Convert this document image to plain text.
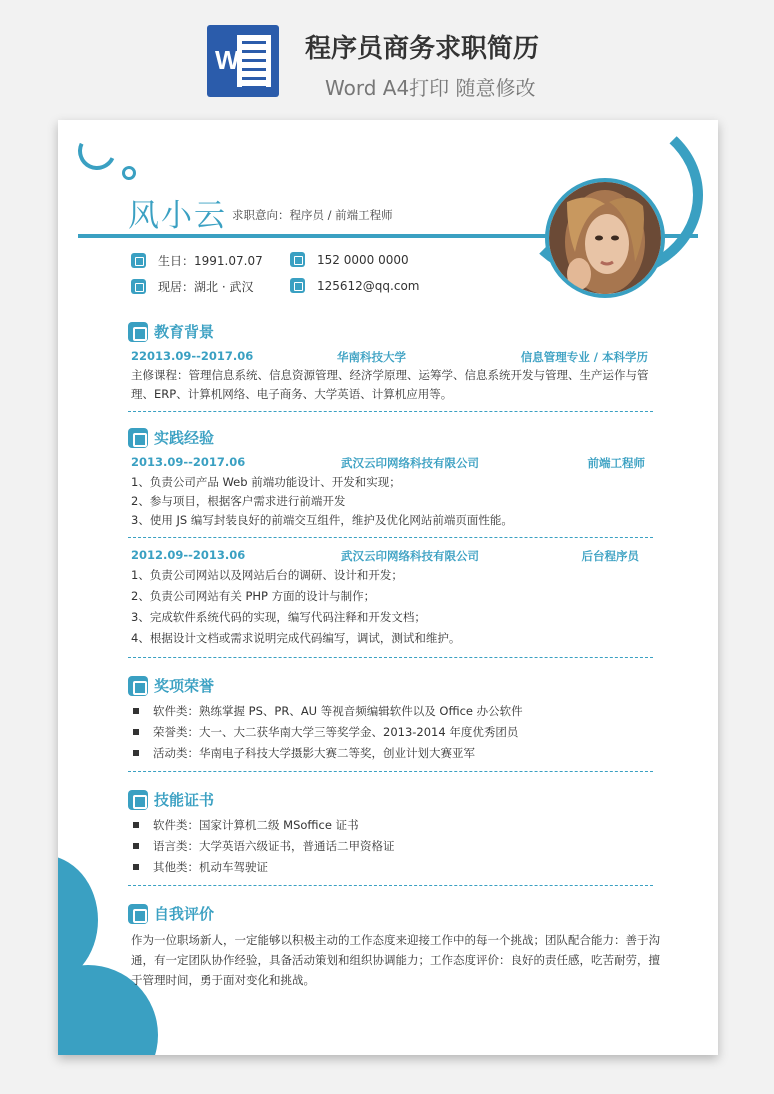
W	程序员商务求职简历
Word A4打印 随意修改
风小云 求职意向：程序员 / 前端工程师
生日：1991.07.07	152 0000 0000
现居：湖北 · 武汉	125612@qq.com
教育背景
22013.09--2017.06	华南科技大学	信息管理专业 / 本科学历
主修课程：管理信息系统、信息资源管理、经济学原理、运筹学、信息系统开发与管理、生产运作与管理、ERP、计算机网络、电子商务、大学英语、计算机应用等。
实践经验
2013.09--2017.06	武汉云印网络科技有限公司	前端工程师
1、负责公司产品 Web 前端功能设计、开发和实现；
2、参与项目，根据客户需求进行前端开发
3、使用 JS 编写封装良好的前端交互组件，维护及优化网站前端页面性能。
2012.09--2013.06	武汉云印网络科技有限公司	后台程序员
1、负责公司网站以及网站后台的调研、设计和开发；
2、负责公司网站有关 PHP 方面的设计与制作；
3、完成软件系统代码的实现，编写代码注释和开发文档；
4、根据设计文档或需求说明完成代码编写，调试，测试和维护。
奖项荣誉
软件类：熟练掌握 PS、PR、AU 等视音频编辑软件以及 Office 办公软件
荣誉类：大一、大二获华南大学三等奖学金、2013-2014 年度优秀团员
活动类：华南电子科技大学摄影大赛二等奖，创业计划大赛亚军
技能证书
软件类：国家计算机二级 MSoffice 证书
语言类：大学英语六级证书，普通话二甲资格证
其他类：机动车驾驶证
自我评价
作为一位职场新人，一定能够以积极主动的工作态度来迎接工作中的每一个挑战；团队配合能力：善于沟通，有一定团队协作经验，具备活动策划和组织协调能力；工作态度评价：良好的责任感，吃苦耐劳，擅于管理时间，勇于面对变化和挑战。
